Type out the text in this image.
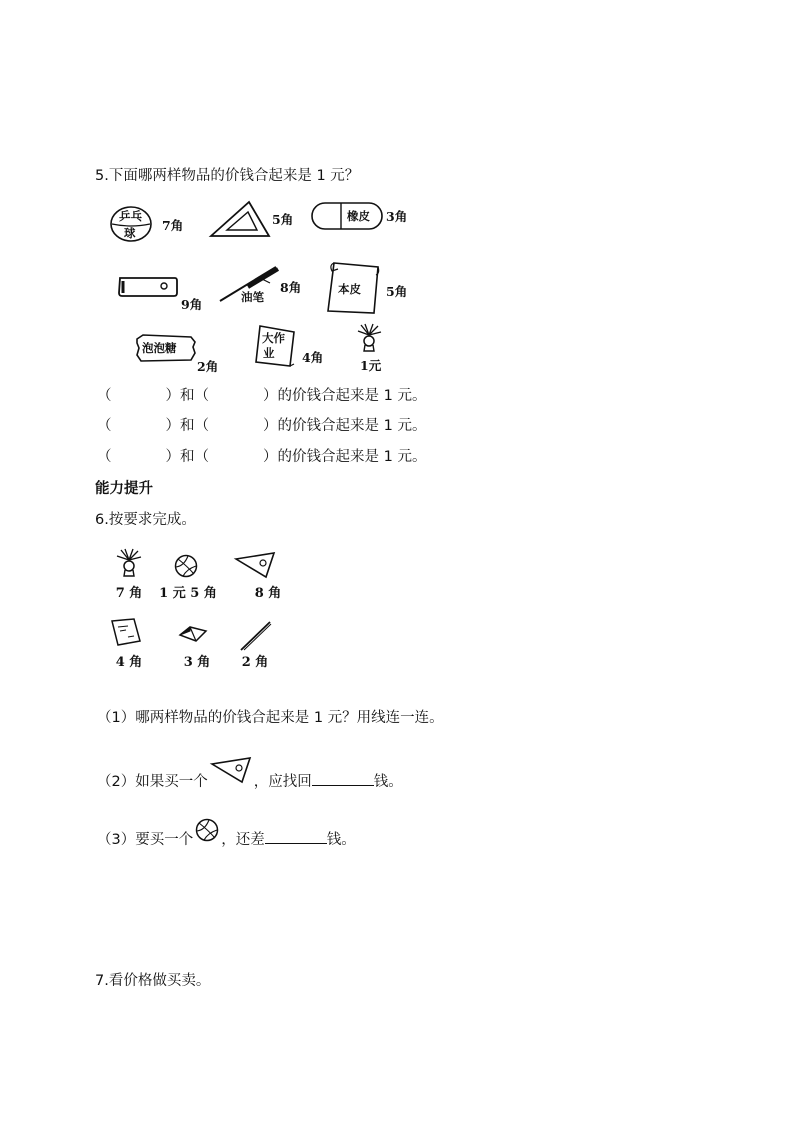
5.下面哪两样物品的价钱合起来是 1 元？
乒乓
球 7角	5角	橡皮 3角
9角	油笔
8角	本皮 5角
泡泡糖
2角
大作
业 4角
1元
（	）和（	）的价钱合起来是 1 元。
（	）和（	）的价钱合起来是 1 元。
（	）和（	）的价钱合起来是 1 元。
能力提升
6.按要求完成。
7 角	1 元 5 角	8 角
4 角	3 角	2 角
（1）哪两样物品的价钱合起来是 1 元？用线连一连。
（2）如果买一个	，应找回	钱。
（3）要买一个 ，还差	钱。
7.看价格做买卖。
